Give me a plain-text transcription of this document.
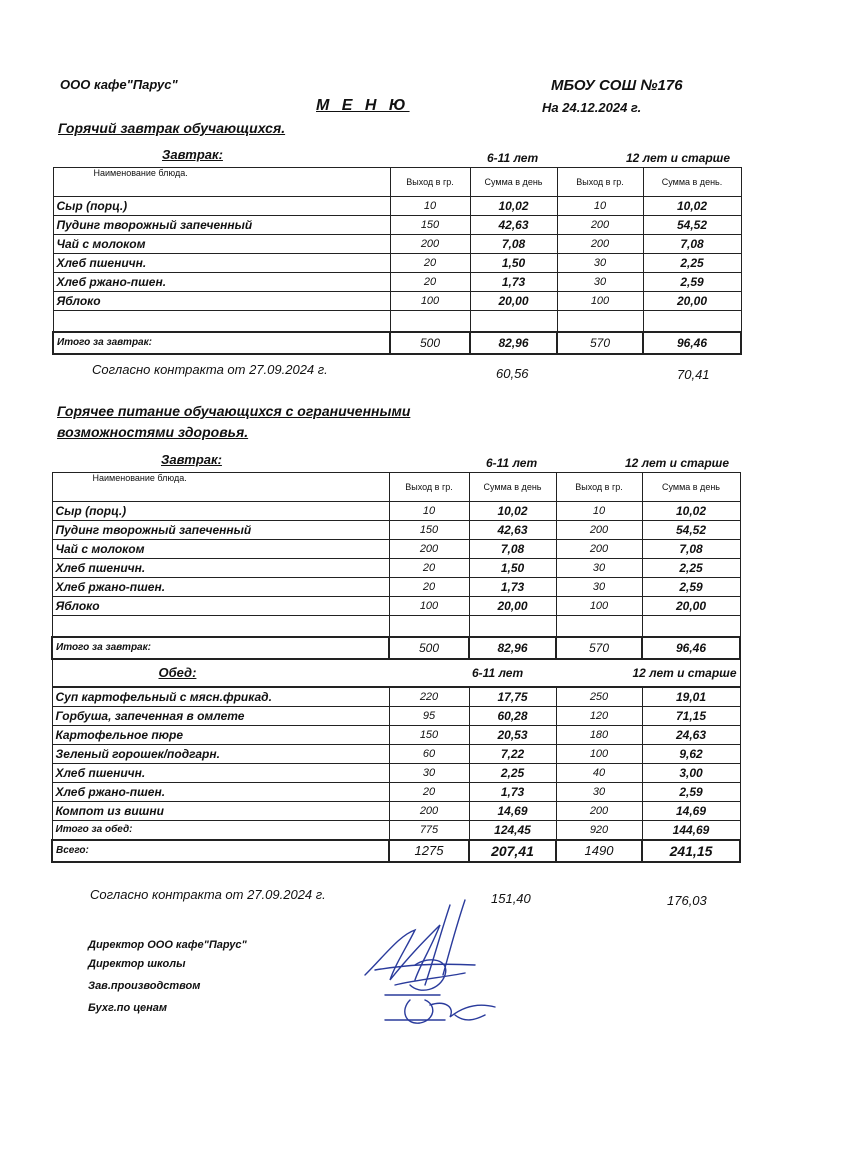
ООО кафе"Парус"	МБОУ СОШ №176
М Е Н Ю	На 24.12.2024 г.
Горячий завтрак обучающихся.
Завтрак:	6-11 лет	12 лет и старше
Наименование блюда.	Выход в гр.	Сумма в день	Выход в гр.	Сумма в день.
Сыр (порц.)	10	10,02	10	10,02
Пудинг творожный запеченный	150	42,63	200	54,52
Чай с молоком	200	7,08	200	7,08
Хлеб пшеничн.	20	1,50	30	2,25
Хлеб ржано-пшен.	20	1,73	30	2,59
Яблоко	100	20,00	100	20,00

Итого за завтрак:	500	82,96	570	96,46
Согласно контракта от 27.09.2024 г.	60,56	70,41
Горячее питание обучающихся с ограниченными возможностями здоровья.
Завтрак:	6-11 лет	12 лет и старше
Наименование блюда.	Выход в гр.	Сумма в день	Выход в гр.	Сумма в день
Сыр (порц.)	10	10,02	10	10,02
Пудинг творожный запеченный	150	42,63	200	54,52
Чай с молоком	200	7,08	200	7,08
Хлеб пшеничн.	20	1,50	30	2,25
Хлеб ржано-пшен.	20	1,73	30	2,59
Яблоко	100	20,00	100	20,00

Итого за завтрак:	500	82,96	570	96,46
Обед:		6-11 лет	12 лет и старше	
Суп картофельный с мясн.фрикад.	220	17,75	250	19,01
Горбуша, запеченная в омлете	95	60,28	120	71,15
Картофельное пюре	150	20,53	180	24,63
Зеленый горошек/подгарн.	60	7,22	100	9,62
Хлеб пшеничн.	30	2,25	40	3,00
Хлеб ржано-пшен.	20	1,73	30	2,59
Компот из вишни	200	14,69	200	14,69
Итого за обед:	775	124,45	920	144,69
Всего:	1275	207,41	1490	241,15
Согласно контракта от 27.09.2024 г.	151,40	176,03
Директор ООО кафе"Парус"
Директор школы
Зав.производством
Бухг.по ценам
